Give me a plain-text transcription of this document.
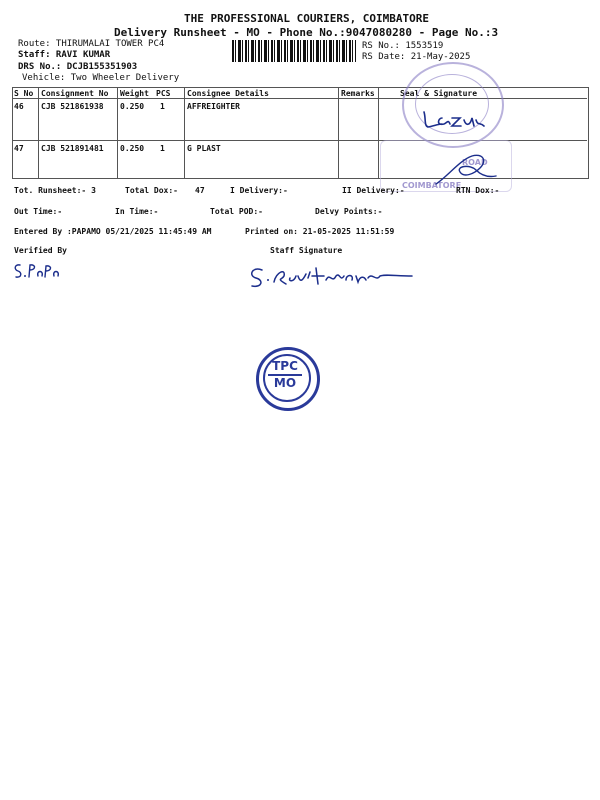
THE PROFESSIONAL COURIERS, COIMBATORE
Delivery Runsheet - MO - Phone No.:9047080280 - Page No.:3
Route: THIRUMALAI TOWER PC4
Staff: RAVI KUMAR
DRS No.: DCJB155351903
Vehicle: Two Wheeler Delivery
RS No.: 1553519
RS Date: 21-May-2025
S No Consignment No Weight PCS Consignee Details	Remarks	Seal & Signature
46 CJB 521861938 0.250 1	AFFREIGHTER
47 CJB 521891481 0.250 1	G PLAST
ROAD
COIMBATORE
Tot. Runsheet:- 3	Total Dox:- 47	I Delivery:-	II Delivery:-	RTN Dox:-
Out Time:-	In Time:-	Total POD:-	Delvy Points:-
Entered By :PAPAMO 05/21/2025 11:45:49 AM	Printed on: 21-05-2025 11:51:59
Verified By	Staff Signature
TPC
MO
